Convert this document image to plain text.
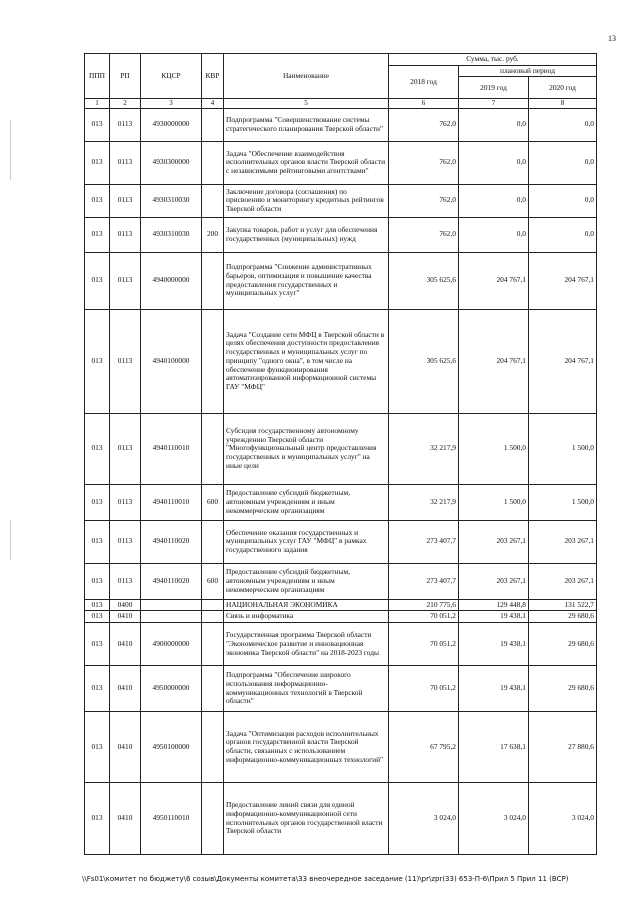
13
ППП	РП	КЦСР	КВР	Наименование	Сумма, тыс. руб.		
					2018 год	плановый период	
						2019 год	2020 год
1	2	3	4	5	6	7	8
013	0113	4930000000		Подпрограмма "Совершенствование системы стратегического планирования Тверской области"	762,0	0,0	0,0
013	0113	4930300000		Задача "Обеспечение взаимодействия исполнительных органов власти Тверской области с независимыми рейтинговыми агентствами"	762,0	0,0	0,0
013	0113	4930310030		Заключение договора (соглашения) по присвоению и мониторингу кредитных рейтингов Тверской области	762,0	0,0	0,0
013	0113	4930310030	200	Закупка товаров, работ и услуг для обеспечения государственных (муниципальных) нужд	762,0	0,0	0,0
013	0113	4940000000		Подпрограмма "Снижение административных барьеров, оптимизация и повышение качества предоставления государственных и муниципальных услуг"	305 625,6	204 767,1	204 767,1
013	0113	4940100000		Задача "Создание сети МФЦ в Тверской области в целях обеспечения доступности предоставления государственных и муниципальных услуг по принципу "одного окна", в том числе на обеспечение функционирования автоматизированной информационной системы ГАУ "МФЦ"	305 625,6	204 767,1	204 767,1
013	0113	4940110010		Субсидия государственному автономному учреждению Тверской области "Многофункциональный центр предоставления государственных и муниципальных услуг" на иные цели	32 217,9	1 500,0	1 500,0
013	0113	4940110010	600	Предоставление субсидий бюджетным, автономным учреждениям и иным некоммерческим организациям	32 217,9	1 500,0	1 500,0
013	0113	4940110020		Обеспечение оказания государственных и муниципальных услуг ГАУ "МФЦ" в рамках государственного задания	273 407,7	203 267,1	203 267,1
013	0113	4940110020	600	Предоставление субсидий бюджетным, автономным учреждениям и иным некоммерческим организациям	273 407,7	203 267,1	203 267,1
013	0400			НАЦИОНАЛЬНАЯ ЭКОНОМИКА	210 775,6	129 448,8	131 522,7
013	0410			Связь и информатика	70 051,2	19 438,1	29 680,6
013	0410	4900000000		Государственная программа Тверской области "Экономическое развитие и инновационная экономика Тверской области" на 2018-2023 годы	70 051,2	19 438,1	29 680,6
013	0410	4950000000		Подпрограмма "Обеспечение широкого использования информационно-коммуникационных технологий в Тверской области"	70 051,2	19 438,1	29 680,6
013	0410	4950100000		Задача "Оптимизация расходов исполнительных органов государственной власти Тверской области, связанных с использованием информационно-коммуникационных технологий"	67 795,2	17 638,1	27 880,6
013	0410	4950110010		Предоставление линий связи для единой информационно-коммуникационной сети исполнительных органов государственной власти Тверской области	3 024,0	3 024,0	3 024,0
\\Fs01\комитет по бюджету\6 созыв\Документы комитета\33 внеочередное заседание (11)\pr\zpr(33) 653-П-6\Прил 5 Прил 11 (ВСР)
